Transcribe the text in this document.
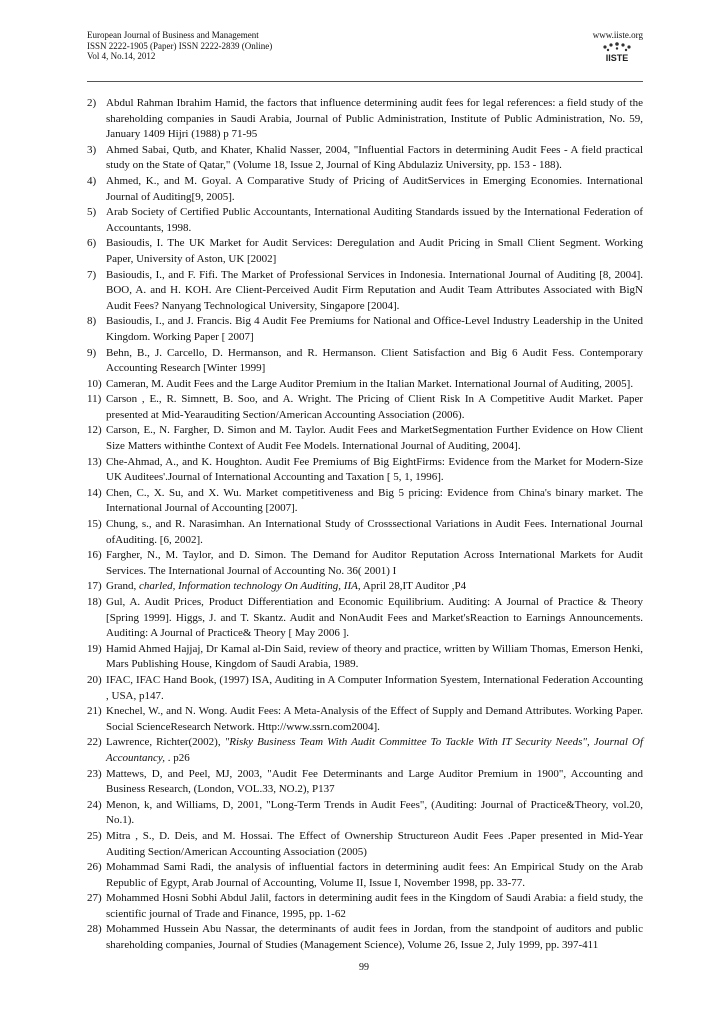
European Journal of Business and Management
ISSN 2222-1905 (Paper) ISSN 2222-2839 (Online)
Vol 4, No.14, 2012
www.iiste.org
IISTE
2) Abdul Rahman Ibrahim Hamid, the factors that influence determining audit fees for legal references: a field study of the shareholding companies in Saudi Arabia, Journal of Public Administration, Institute of Public Administration, No. 59, January 1409 Hijri (1988) p 71-95
3) Ahmed Sabai, Qutb, and Khater, Khalid Nasser, 2004, "Influential Factors in determining Audit Fees - A field practical study on the State of Qatar," (Volume 18, Issue 2, Journal of King Abdulaziz University, pp. 153 - 188).
4) Ahmed, K., and M. Goyal. A Comparative Study of Pricing of AuditServices in Emerging Economies. International Journal of Auditing[9, 2005].
5) Arab Society of Certified Public Accountants, International Auditing Standards issued by the International Federation of Accountants, 1998.
6) Basioudis, I. The UK Market for Audit Services: Deregulation and Audit Pricing in Small Client Segment. Working Paper, University of Aston, UK [2002]
7) Basioudis, I., and F. Fifi. The Market of Professional Services in Indonesia. International Journal of Auditing [8, 2004]. BOO, A. and H. KOH. Are Client-Perceived Audit Firm Reputation and Audit Team Attributes Associated with BigN Audit Fees? Nanyang Technological University, Singapore [2004].
8) Basioudis, I., and J. Francis. Big 4 Audit Fee Premiums for National and Office-Level Industry Leadership in the United Kingdom. Working Paper [ 2007]
9) Behn, B., J. Carcello, D. Hermanson, and R. Hermanson. Client Satisfaction and Big 6 Audit Fess. Contemporary Accounting Research [Winter 1999]
10) Cameran, M. Audit Fees and the Large Auditor Premium in the Italian Market. International Journal of Auditing, 2005].
11) Carson , E., R. Simnett, B. Soo, and A. Wright. The Pricing of Client Risk In A Competitive Audit Market. Paper presented at Mid-Yearauditing Section/American Accounting Association (2006).
12) Carson, E., N. Fargher, D. Simon and M. Taylor. Audit Fees and MarketSegmentation Further Evidence on How Client Size Matters withinthe Context of Audit Fee Models. International Journal of Auditing, 2004].
13) Che-Ahmad, A., and K. Houghton. Audit Fee Premiums of Big EightFirms: Evidence from the Market for Modern-Size UK Auditees'.Journal of International Accounting and Taxation [ 5, 1, 1996].
14) Chen, C., X. Su, and X. Wu. Market competitiveness and Big 5 pricing: Evidence from China's binary market. The International Journal of Accounting [2007].
15) Chung, s., and R. Narasimhan. An International Study of Crosssectional Variations in Audit Fees. International Journal ofAuditing. [6, 2002].
16) Fargher, N., M. Taylor, and D. Simon. The Demand for Auditor Reputation Across International Markets for Audit Services. The International Journal of Accounting No. 36( 2001) I
17) Grand, charled, Information technology On Auditing, IIA, April 28,IT Auditor ,P4
18) Gul, A. Audit Prices, Product Differentiation and Economic Equilibrium. Auditing: A Journal of Practice & Theory [Spring 1999]. Higgs, J. and T. Skantz. Audit and NonAudit Fees and Market'sReaction to Earnings Announcements. Auditing: A Journal of Practice& Theory [ May 2006 ].
19) Hamid Ahmed Hajjaj, Dr Kamal al-Din Said, review of theory and practice, written by William Thomas, Emerson Henki, Mars Publishing House, Kingdom of Saudi Arabia, 1989.
20) IFAC, IFAC Hand Book, (1997) ISA, Auditing in A Computer Information Syestem, International Federation Accounting , USA, p147.
21) Knechel, W., and N. Wong. Audit Fees: A Meta-Analysis of the Effect of Supply and Demand Attributes. Working Paper. Social ScienceResearch Network. Http://www.ssrn.com2004].
22) Lawrence, Richter(2002), "Risky Business Team With Audit Committee To Tackle With IT Security Needs", Journal Of Accountancy, . p26
23) Mattews, D, and Peel, MJ, 2003, "Audit Fee Determinants and Large Auditor Premium in 1900", Accounting and Business Research, (London, VOL.33, NO.2), P137
24) Menon, k, and Williams, D, 2001, "Long-Term Trends in Audit Fees", (Auditing: Journal of Practice&Theory, vol.20, No.1).
25) Mitra , S., D. Deis, and M. Hossai. The Effect of Ownership Structureon Audit Fees .Paper presented in Mid-Year Auditing Section/American Accounting Association (2005)
26) Mohammad Sami Radi, the analysis of influential factors in determining audit fees: An Empirical Study on the Arab Republic of Egypt, Arab Journal of Accounting, Volume II, Issue I, November 1998, pp. 33-77.
27) Mohammed Hosni Sobhi Abdul Jalil, factors in determining audit fees in the Kingdom of Saudi Arabia: a field study, the scientific journal of Trade and Finance, 1995, pp. 1-62
28) Mohammed Hussein Abu Nassar, the determinants of audit fees in Jordan, from the standpoint of auditors and public shareholding companies, Journal of Studies (Management Science), Volume 26, Issue 2, July 1999, pp. 397-411
99
